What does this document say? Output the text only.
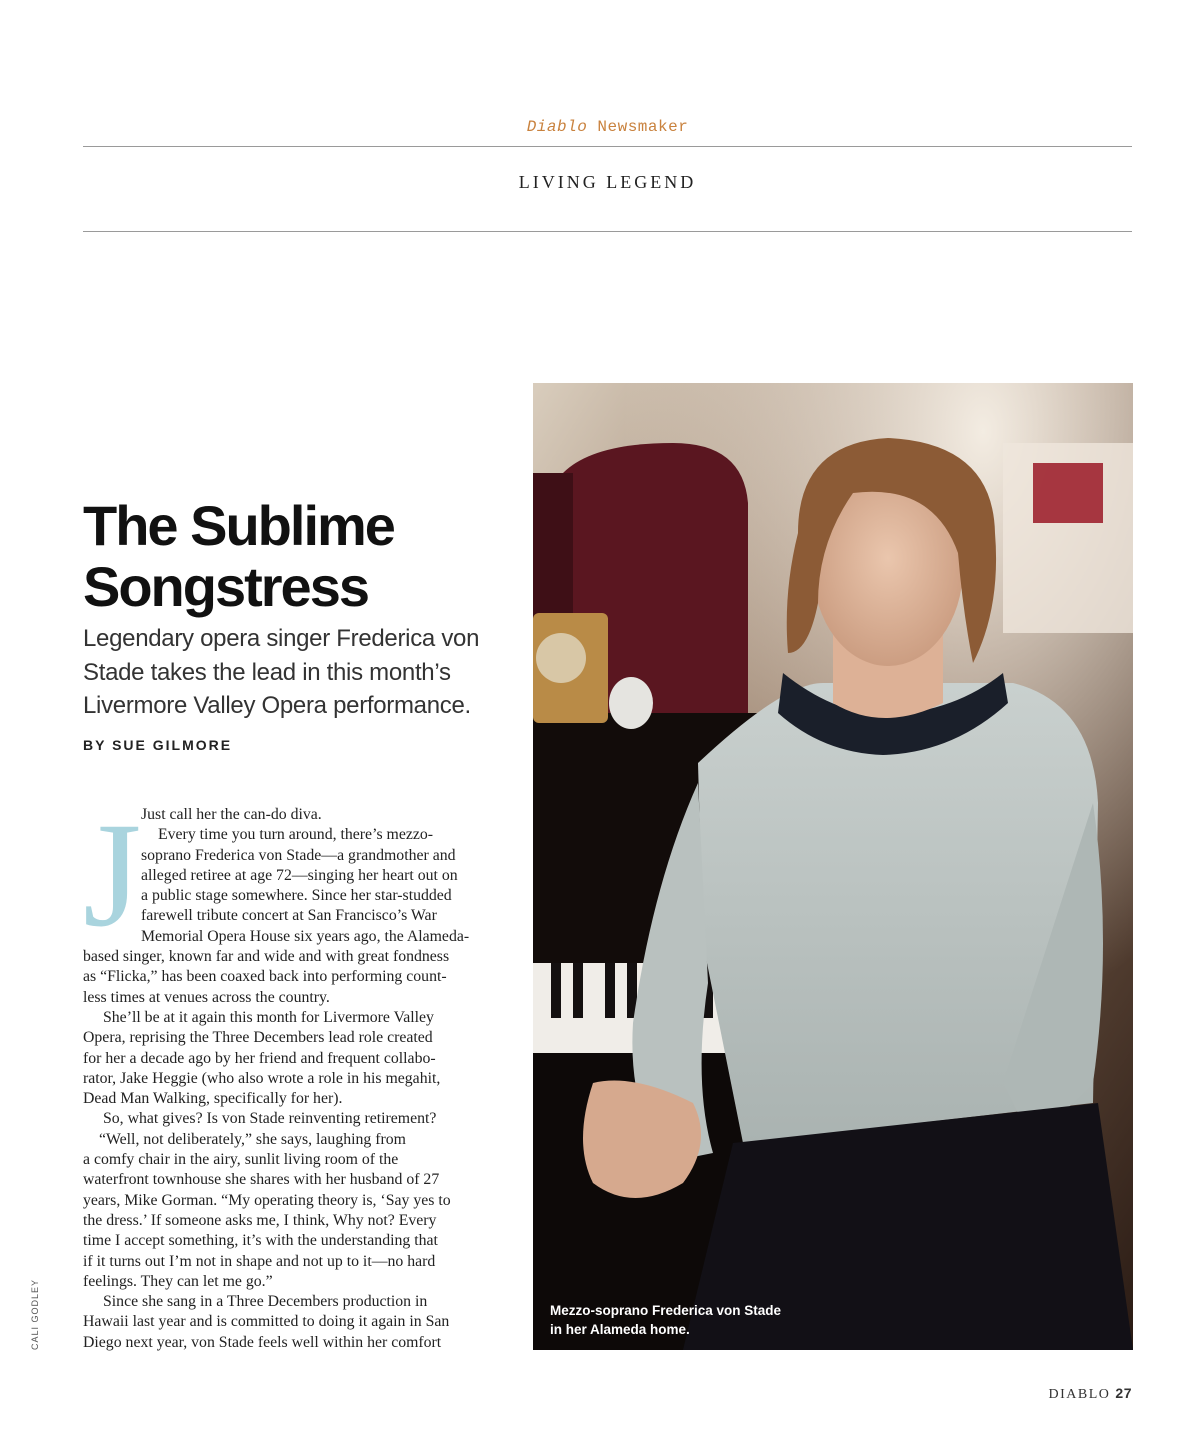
Diablo Newsmaker
LIVING LEGEND
The Sublime
Songstress
Legendary opera singer Frederica von
Stade takes the lead in this month’s
Livermore Valley Opera performance.
BY SUE GILMORE
J Just call her the can-do diva.
Every time you turn around, there’s mezzo-
soprano Frederica von Stade—a grandmother and
alleged retiree at age 72—singing her heart out on
a public stage somewhere. Since her star-studded
farewell tribute concert at San Francisco’s War
Memorial Opera House six years ago, the Alameda-
based singer, known far and wide and with great fondness
as “Flicka,” has been coaxed back into performing count-
less times at venues across the country.
She’ll be at it again this month for Livermore Valley
Opera, reprising the Three Decembers lead role created
for her a decade ago by her friend and frequent collabo-
rator, Jake Heggie (who also wrote a role in his megahit,
Dead Man Walking, specifically for her).
So, what gives? Is von Stade reinventing retirement?
“Well, not deliberately,” she says, laughing from
a comfy chair in the airy, sunlit living room of the
waterfront townhouse she shares with her husband of 27
years, Mike Gorman. “My operating theory is, ‘Say yes to
the dress.’ If someone asks me, I think, Why not? Every
time I accept something, it’s with the understanding that
if it turns out I’m not in shape and not up to it—no hard
feelings. They can let me go.”
Since she sang in a Three Decembers production in
Hawaii last year and is committed to doing it again in San
Diego next year, von Stade feels well within her comfort
CALI GODLEY	Mezzo-soprano Frederica von Stade
in her Alameda home.
DIABLO 27
